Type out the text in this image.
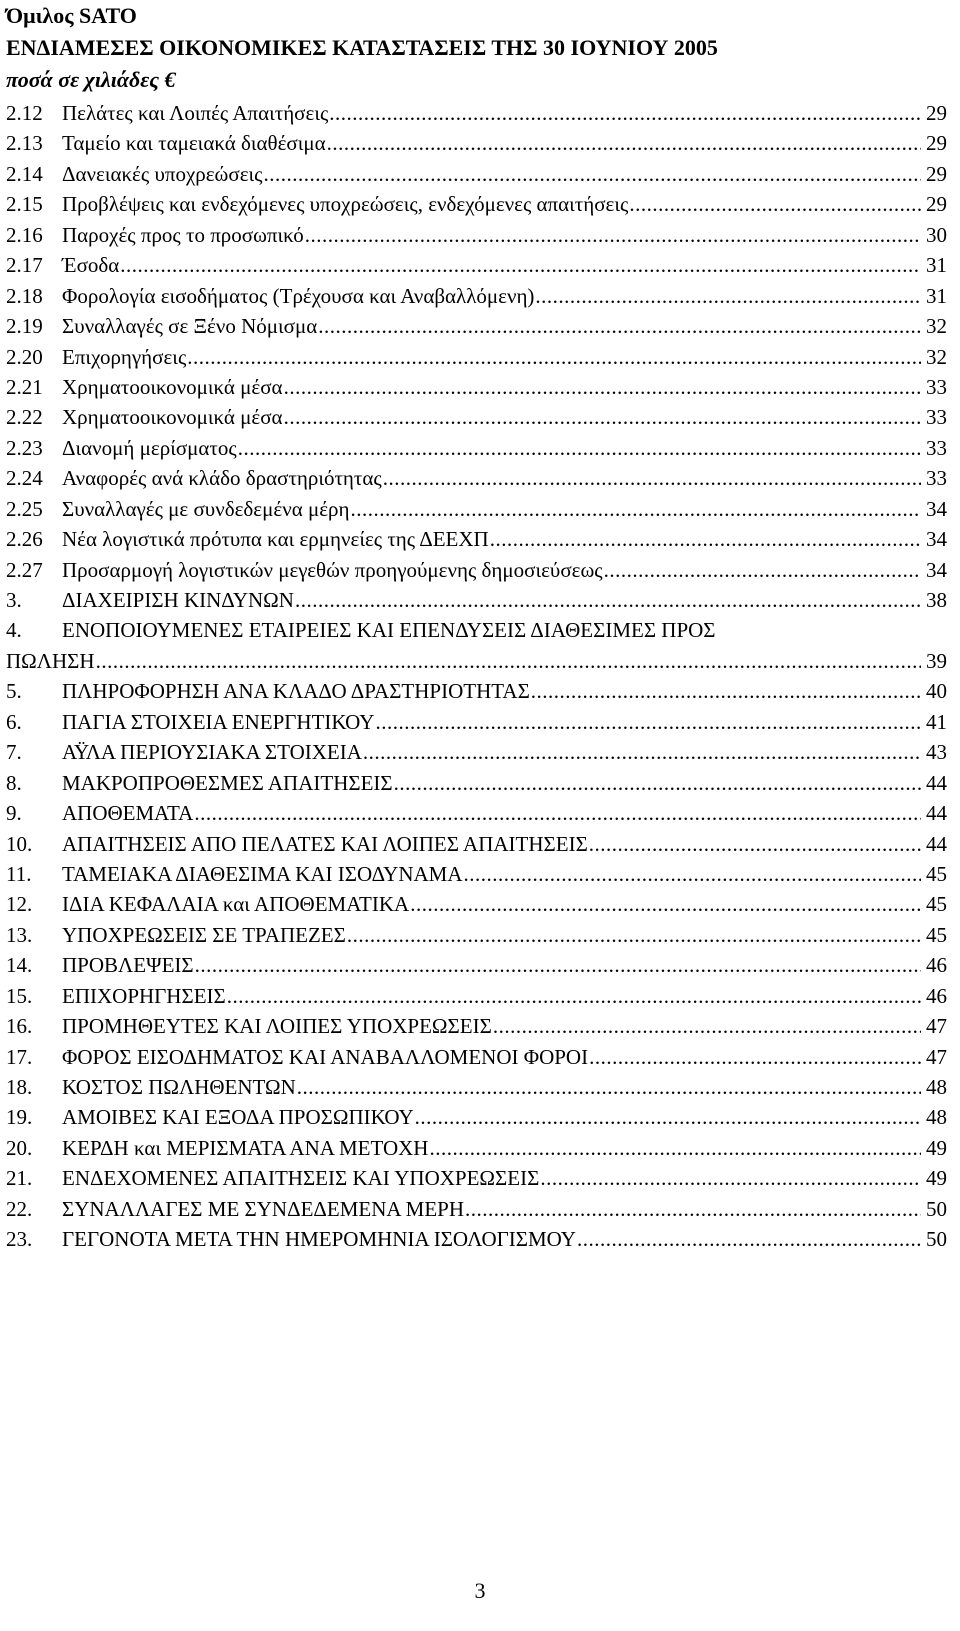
Όμιλος SATO
ΕΝΔΙΑΜΕΣΕΣ ΟΙΚΟΝΟΜΙΚΕΣ ΚΑΤΑΣΤΑΣΕΙΣ ΤΗΣ 30 ΙΟΥΝΙΟΥ 2005
ποσά σε χιλιάδες €
2.12 Πελάτες και Λοιπές Απαιτήσεις .....	29
2.13 Ταμείο και ταμειακά διαθέσιμα .....	29
2.14 Δανειακές υποχρεώσεις .....	29
2.15 Προβλέψεις και ενδεχόμενες υποχρεώσεις, ενδεχόμενες απαιτήσεις .....	29
2.16 Παροχές προς το προσωπικό .....	30
2.17 Έσοδα .....	31
2.18 Φορολογία εισοδήματος (Τρέχουσα και Αναβαλλόμενη) .....	31
2.19 Συναλλαγές σε Ξένο Νόμισμα .....	32
2.20 Επιχορηγήσεις .....	32
2.21 Χρηματοοικονομικά μέσα .....	33
2.22 Χρηματοοικονομικά μέσα .....	33
2.23 Διανομή μερίσματος .....	33
2.24 Αναφορές ανά κλάδο δραστηριότητας .....	33
2.25 Συναλλαγές με συνδεδεμένα μέρη .....	34
2.26 Νέα λογιστικά πρότυπα και ερμηνείες της ΔΕΕΧΠ .....	34
2.27 Προσαρμογή λογιστικών μεγεθών προηγούμενης δημοσιεύσεως .....	34
3.	ΔΙΑΧΕΙΡΙΣΗ ΚΙΝΔΥΝΩΝ .....	38
4.	ΕΝΟΠΟΙΟΥΜΕΝΕΣ ΕΤΑΙΡΕΙΕΣ ΚΑΙ ΕΠΕΝΔΥΣΕΙΣ ΔΙΑΘΕΣΙΜΕΣ ΠΡΟΣ
ΠΩΛΗΣΗ .....	39
5.	ΠΛΗΡΟΦΟΡΗΣΗ ΑΝΑ ΚΛΑΔΟ ΔΡΑΣΤΗΡΙΟΤΗΤΑΣ .....	40
6.	ΠΑΓΙΑ ΣΤΟΙΧΕΙΑ ΕΝΕΡΓΗΤΙΚΟΥ .....	41
7.	ΑΫΛΑ ΠΕΡΙΟΥΣΙΑΚΑ ΣΤΟΙΧΕΙΑ .....	43
8.	ΜΑΚΡΟΠΡΟΘΕΣΜΕΣ ΑΠΑΙΤΗΣΕΙΣ .....	44
9.	ΑΠΟΘΕΜΑΤΑ .....	44
10.	ΑΠΑΙΤΗΣΕΙΣ ΑΠΟ ΠΕΛΑΤΕΣ ΚΑΙ ΛΟΙΠΕΣ ΑΠΑΙΤΗΣΕΙΣ .....	44
11.	ΤΑΜΕΙΑΚΑ ΔΙΑΘΕΣΙΜΑ ΚΑΙ ΙΣΟΔΥΝΑΜΑ .....	45
12.	ΙΔΙΑ ΚΕΦΑΛΑΙΑ και ΑΠΟΘΕΜΑΤΙΚΑ .....	45
13.	ΥΠΟΧΡΕΩΣΕΙΣ ΣΕ ΤΡΑΠΕΖΕΣ .....	45
14.	ΠΡΟΒΛΕΨΕΙΣ .....	46
15.	ΕΠΙΧΟΡΗΓΗΣΕΙΣ .....	46
16.	ΠΡΟΜΗΘΕΥΤΕΣ ΚΑΙ ΛΟΙΠΕΣ ΥΠΟΧΡΕΩΣΕΙΣ .....	47
17.	ΦΟΡΟΣ ΕΙΣΟΔΗΜΑΤΟΣ ΚΑΙ ΑΝΑΒΑΛΛΟΜΕΝΟΙ ΦΟΡΟΙ .....	47
18.	ΚΟΣΤΟΣ ΠΩΛΗΘΕΝΤΩΝ .....	48
19.	ΑΜΟΙΒΕΣ ΚΑΙ ΕΞΟΔΑ ΠΡΟΣΩΠΙΚΟΥ .....	48
20.	ΚΕΡΔΗ και ΜΕΡΙΣΜΑΤΑ ΑΝΑ ΜΕΤΟΧΗ .....	49
21.	ΕΝΔΕΧΟΜΕΝΕΣ ΑΠΑΙΤΗΣΕΙΣ ΚΑΙ ΥΠΟΧΡΕΩΣΕΙΣ .....	49
22.	ΣΥΝΑΛΛΑΓΕΣ ΜΕ ΣΥΝΔΕΔΕΜΕΝΑ ΜΕΡΗ .....	50
23.	ΓΕΓΟΝΟΤΑ ΜΕΤΑ ΤΗΝ ΗΜΕΡΟΜΗΝΙΑ ΙΣΟΛΟΓΙΣΜΟΥ .....	50
3
